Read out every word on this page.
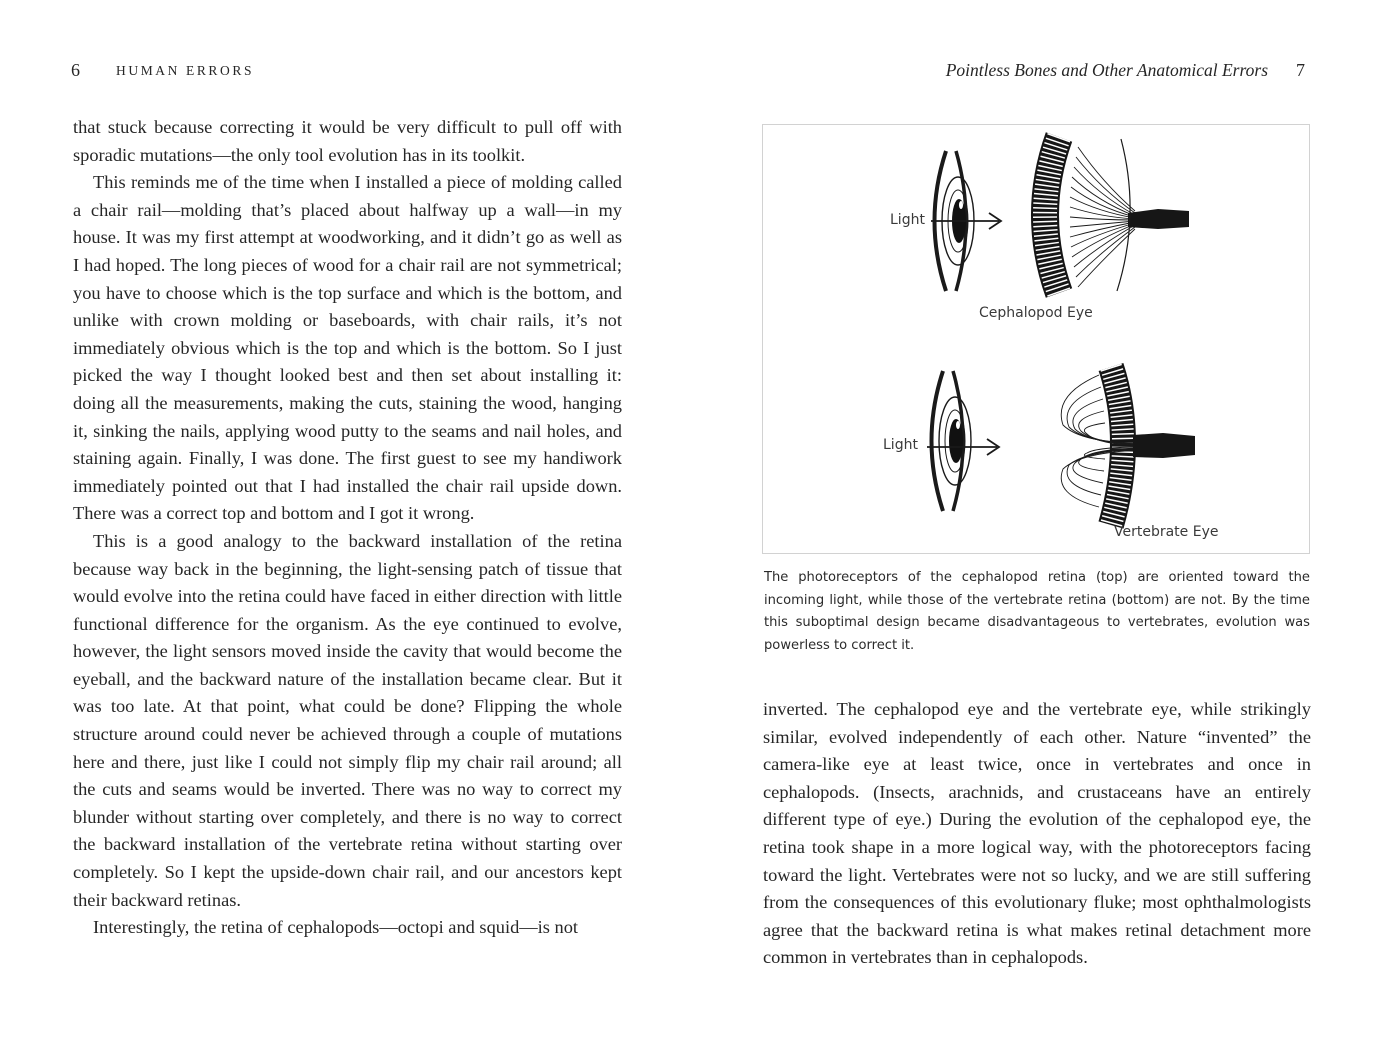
6	HUMAN ERRORS

that stuck because correcting it would be very difficult to pull off with sporadic mutations—the only tool evolution has in its toolkit.

This reminds me of the time when I installed a piece of molding called a chair rail—molding that’s placed about halfway up a wall—in my house. It was my first attempt at woodworking, and it didn’t go as well as I had hoped. The long pieces of wood for a chair rail are not symmetrical; you have to choose which is the top surface and which is the bottom, and unlike with crown molding or baseboards, with chair rails, it’s not immediately obvious which is the top and which is the bottom. So I just picked the way I thought looked best and then set about installing it: doing all the measurements, making the cuts, staining the wood, hanging it, sinking the nails, applying wood putty to the seams and nail holes, and staining again. Finally, I was done. The first guest to see my handiwork immediately pointed out that I had installed the chair rail upside down. There was a correct top and bottom and I got it wrong.

This is a good analogy to the backward installation of the retina because way back in the beginning, the light-sensing patch of tissue that would evolve into the retina could have faced in either direction with little functional difference for the organism. As the eye continued to evolve, however, the light sensors moved inside the cavity that would become the eyeball, and the backward nature of the installation became clear. But it was too late. At that point, what could be done? Flipping the whole structure around could never be achieved through a couple of mutations here and there, just like I could not simply flip my chair rail around; all the cuts and seams would be inverted. There was no way to correct my blunder without starting over completely, and there is no way to correct the backward installation of the vertebrate retina without starting over completely. So I kept the upside-down chair rail, and our ancestors kept their backward retinas.

Interestingly, the retina of cephalopods—octopi and squid—is not

Pointless Bones and Other Anatomical Errors 7
Light
Cephalopod Eye
Light
Vertebrate Eye

The photoreceptors of the cephalopod retina (top) are oriented toward the incoming light, while those of the vertebrate retina (bottom) are not. By the time this suboptimal design became disadvantageous to vertebrates, evolution was powerless to correct it.

inverted. The cephalopod eye and the vertebrate eye, while strikingly similar, evolved independently of each other. Nature “invented” the camera-like eye at least twice, once in vertebrates and once in cephalopods. (Insects, arachnids, and crustaceans have an entirely different type of eye.) During the evolution of the cephalopod eye, the retina took shape in a more logical way, with the photoreceptors facing toward the light. Vertebrates were not so lucky, and we are still suffering from the consequences of this evolutionary fluke; most ophthalmologists agree that the backward retina is what makes retinal detachment more common in vertebrates than in cephalopods.
